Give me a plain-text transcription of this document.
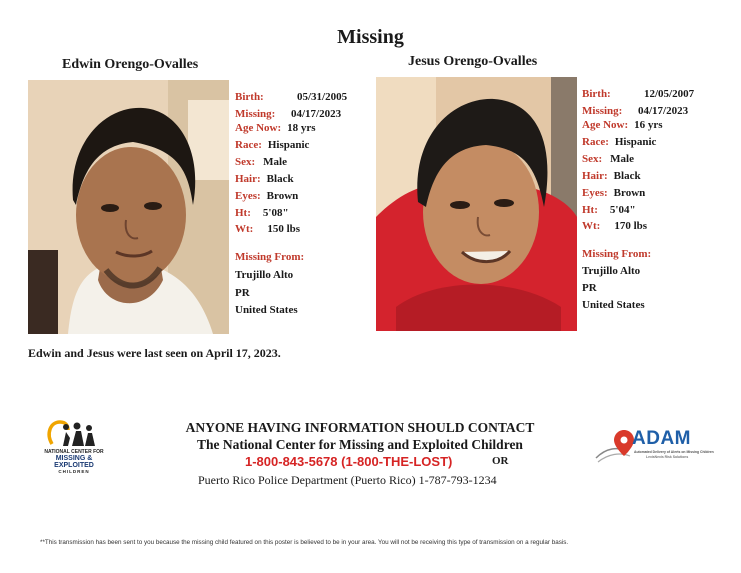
Missing
Edwin Orengo-Ovalles
Birth:	05/31/2005
Missing:	04/17/2023
Age Now: 18 yrs
Race: Hispanic
Sex: Male
Hair: Black
Eyes: Brown
Ht: 5'08"
Wt: 150 lbs
Missing From:
Trujillo Alto
PR
United States
Jesus Orengo-Ovalles
Birth:	12/05/2007
Missing:	04/17/2023
Age Now: 16 yrs
Race: Hispanic
Sex: Male
Hair: Black
Eyes: Brown
Ht: 5'04"
Wt: 170 lbs
Missing From:
Trujillo Alto
PR
United States
Edwin and Jesus were last seen on April 17, 2023.
NATIONAL CENTER FOR
MISSING &
EXPLOITED
CHILDREN
ANYONE HAVING INFORMATION SHOULD CONTACT
The National Center for Missing and Exploited Children
1-800-843-5678 (1-800-THE-LOST)	OR
Puerto Rico Police Department (Puerto Rico) 1-787-793-1234
ADAM
Automated Delivery of Alerts on Missing Children
LexisNexis Risk Solutions
**This transmission has been sent to you because the missing child featured on this poster is believed to be in your area. You will not be receiving this type of transmission on a regular basis.
